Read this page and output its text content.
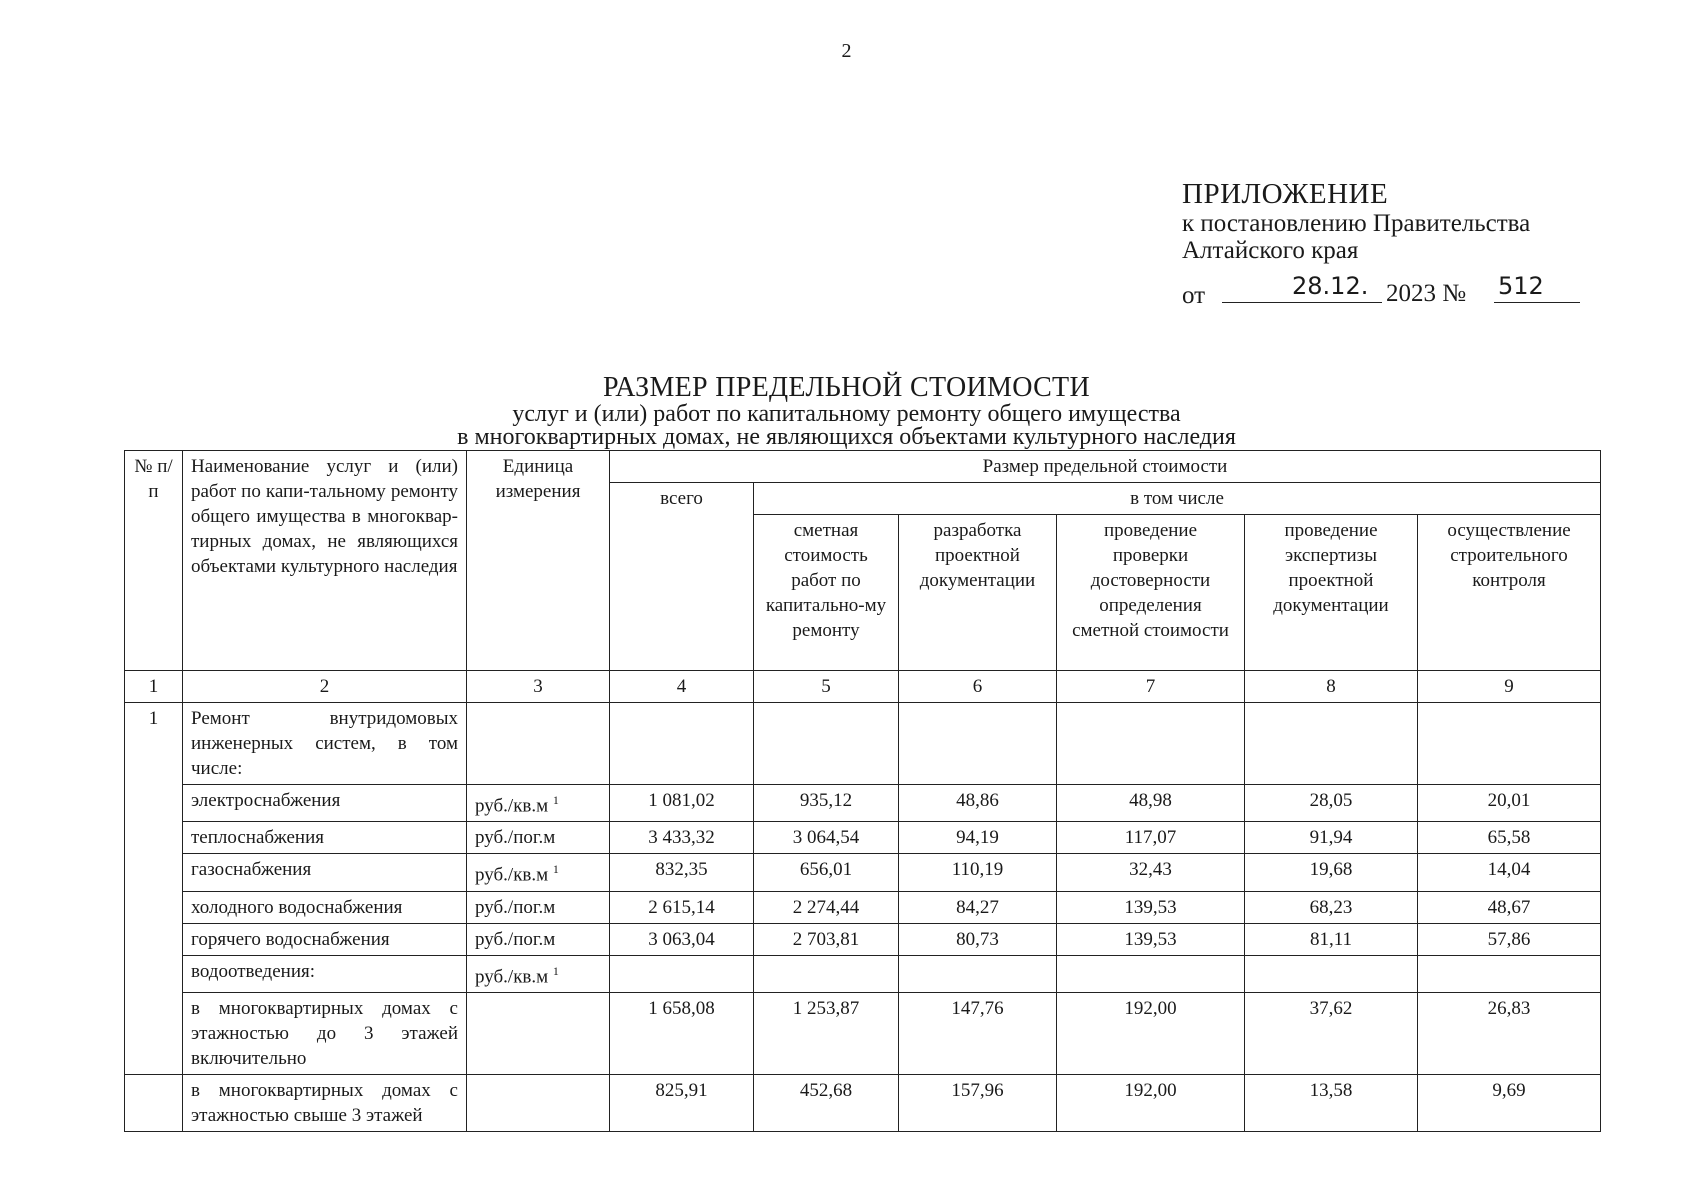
2
ПРИЛОЖЕНИЕ
к постановлению Правительства
Алтайского края
от	28.12. 2023 № 512
РАЗМЕР ПРЕДЕЛЬНОЙ СТОИМОСТИ
услуг и (или) работ по капитальному ремонту общего имущества
в многоквартирных домах, не являющихся объектами культурного наследия
№ п/п	Наименование услуг и (или) работ по капи-тальному ремонту общего имущества в многоквар-тирных домах, не являющихся объектами культурного наследия	Единица измерения	Размер предельной стоимости					
			всего	в том числе				
				сметная стоимость работ по капитально-му ремонту	разработка проектной документации	проведение проверки достоверности определения сметной стоимости	проведение экспертизы проектной документации	осуществление строительного контроля
1	2	3	4	5	6	7	8	9
1	Ремонт внутридомовых инженерных систем, в том числе:							
	электроснабжения	руб./кв.м $^1$	1 081,02	935,12	48,86	48,98	28,05	20,01
	теплоснабжения	руб./пог.м	3 433,32	3 064,54	94,19	117,07	91,94	65,58
	газоснабжения	руб./кв.м $^1$	832,35	656,01	110,19	32,43	19,68	14,04
	холодного водоснабжения	руб./пог.м	2 615,14	2 274,44	84,27	139,53	68,23	48,67
	горячего водоснабжения	руб./пог.м	3 063,04	2 703,81	80,73	139,53	81,11	57,86
	водоотведения:	руб./кв.м $^1$						
	в многоквартирных домах с этажностью до 3 этажей включительно		1 658,08	1 253,87	147,76	192,00	37,62	26,83
	в многоквартирных домах с этажностью свыше 3 этажей		825,91	452,68	157,96	192,00	13,58	9,69
